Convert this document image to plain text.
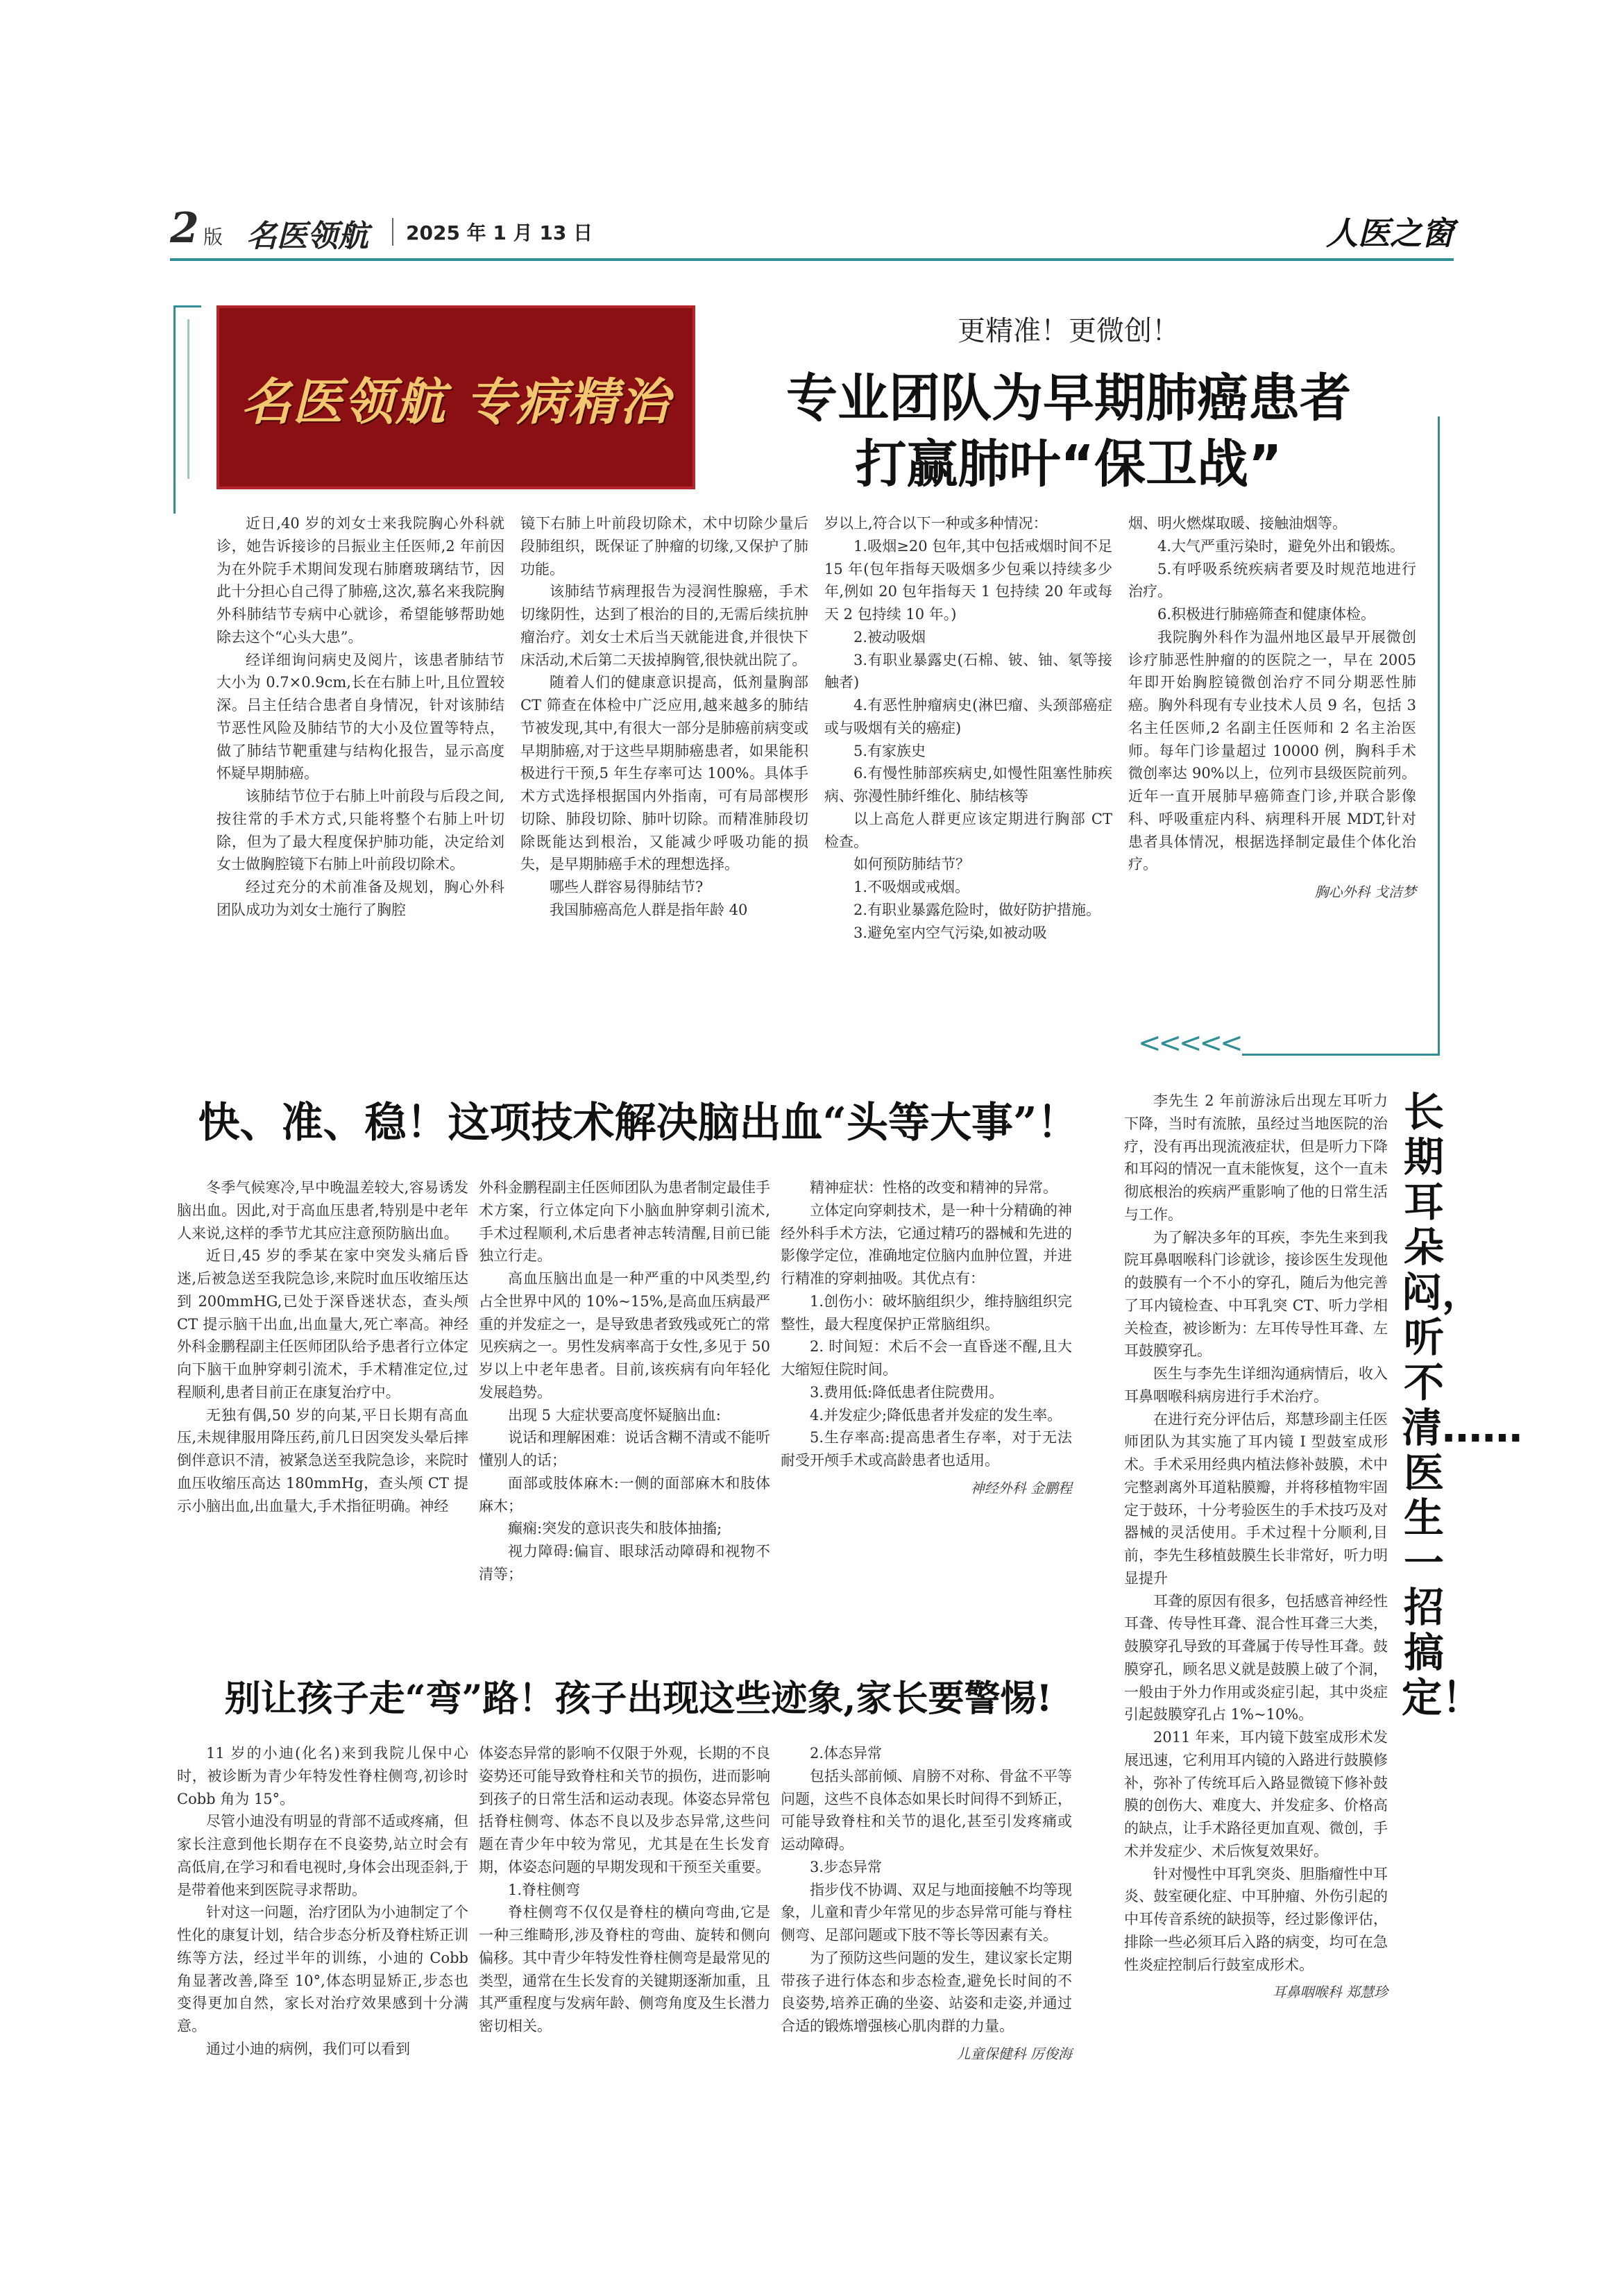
2 版 名医领航 2025 年 1 月 13 日	人医之窗
名医领航 专病精治
更精准！更微创！
专业团队为早期肺癌患者
打赢肺叶“保卫战”

近日,40 岁的刘女士来我院胸心外科就诊，她告诉接诊的吕振业主任医师,2 年前因为在外院手术期间发现右肺磨玻璃结节，因此十分担心自己得了肺癌,这次,慕名来我院胸外科肺结节专病中心就诊，希望能够帮助她除去这个“心头大患”。

经详细询问病史及阅片，该患者肺结节大小为 0.7×0.9cm,长在右肺上叶,且位置较深。吕主任结合患者自身情况，针对该肺结节恶性风险及肺结节的大小及位置等特点，做了肺结节靶重建与结构化报告，显示高度怀疑早期肺癌。

该肺结节位于右肺上叶前段与后段之间,按往常的手术方式,只能将整个右肺上叶切除，但为了最大程度保护肺功能，决定给刘女士做胸腔镜下右肺上叶前段切除术。

经过充分的术前准备及规划，胸心外科团队成功为刘女士施行了胸腔

镜下右肺上叶前段切除术，术中切除少量后段肺组织，既保证了肿瘤的切缘,又保护了肺功能。

该肺结节病理报告为浸润性腺癌，手术切缘阴性，达到了根治的目的,无需后续抗肿瘤治疗。刘女士术后当天就能进食,并很快下床活动,术后第二天拔掉胸管,很快就出院了。

随着人们的健康意识提高，低剂量胸部 CT 筛查在体检中广泛应用,越来越多的肺结节被发现,其中,有很大一部分是肺癌前病变或早期肺癌,对于这些早期肺癌患者，如果能积极进行干预,5 年生存率可达 100%。具体手术方式选择根据国内外指南，可有局部楔形切除、肺段切除、肺叶切除。而精准肺段切除既能达到根治，又能减少呼吸功能的损失，是早期肺癌手术的理想选择。

哪些人群容易得肺结节?

我国肺癌高危人群是指年龄 40

岁以上,符合以下一种或多种情况：

1.吸烟≥20 包年,其中包括戒烟时间不足 15 年(包年指每天吸烟多少包乘以持续多少年,例如 20 包年指每天 1 包持续 20 年或每天 2 包持续 10 年。)

2.被动吸烟

3.有职业暴露史(石棉、铍、铀、氡等接触者)

4.有恶性肿瘤病史(淋巴瘤、头颈部癌症或与吸烟有关的癌症)

5.有家族史

6.有慢性肺部疾病史,如慢性阻塞性肺疾病、弥漫性肺纤维化、肺结核等

以上高危人群更应该定期进行胸部 CT 检查。

如何预防肺结节？

1.不吸烟或戒烟。

2.有职业暴露危险时，做好防护措施。

3.避免室内空气污染,如被动吸

烟、明火燃煤取暖、接触油烟等。

4.大气严重污染时，避免外出和锻炼。

5.有呼吸系统疾病者要及时规范地进行治疗。

6.积极进行肺癌筛查和健康体检。

我院胸外科作为温州地区最早开展微创诊疗肺恶性肿瘤的的医院之一，早在 2005 年即开始胸腔镜微创治疗不同分期恶性肺癌。胸外科现有专业技术人员 9 名，包括 3 名主任医师,2 名副主任医师和 2 名主治医师。每年门诊量超过 10000 例，胸科手术微创率达 90%以上，位列市县级医院前列。近年一直开展肺早癌筛查门诊,并联合影像科、呼吸重症内科、病理科开展 MDT,针对患者具体情况，根据选择制定最佳个体化治疗。

胸心外科 戈洁梦
<<<<<
快、准、稳！这项技术解决脑出血“头等大事”！

冬季气候寒冷,早中晚温差较大,容易诱发脑出血。因此,对于高血压患者,特别是中老年人来说,这样的季节尤其应注意预防脑出血。

近日,45 岁的季某在家中突发头痛后昏迷,后被急送至我院急诊,来院时血压收缩压达到 200mmHG,已处于深昏迷状态，查头颅 CT 提示脑干出血,出血量大,死亡率高。神经外科金鹏程副主任医师团队给予患者行立体定向下脑干血肿穿刺引流术，手术精准定位,过程顺利,患者目前正在康复治疗中。

无独有偶,50 岁的向某,平日长期有高血压,未规律服用降压药,前几日因突发头晕后摔倒伴意识不清，被紧急送至我院急诊，来院时血压收缩压高达 180mmHg，查头颅 CT 提示小脑出血,出血量大,手术指征明确。神经

外科金鹏程副主任医师团队为患者制定最佳手术方案，行立体定向下小脑血肿穿刺引流术,手术过程顺利,术后患者神志转清醒,目前已能独立行走。

高血压脑出血是一种严重的中风类型,约占全世界中风的 10%~15%,是高血压病最严重的并发症之一，是导致患者致残或死亡的常见疾病之一。男性发病率高于女性,多见于 50 岁以上中老年患者。目前,该疾病有向年轻化发展趋势。

出现 5 大症状要高度怀疑脑出血:

说话和理解困难：说话含糊不清或不能听懂别人的话；

面部或肢体麻木:一侧的面部麻木和肢体麻木；

癫痫:突发的意识丧失和肢体抽搐;

视力障碍:偏盲、眼球活动障碍和视物不清等；

精神症状：性格的改变和精神的异常。

立体定向穿刺技术，是一种十分精确的神经外科手术方法，它通过精巧的器械和先进的影像学定位，准确地定位脑内血肿位置，并进行精准的穿刺抽吸。其优点有：

1.创伤小：破坏脑组织少，维持脑组织完整性，最大程度保护正常脑组织。

2. 时间短：术后不会一直昏迷不醒,且大大缩短住院时间。

3.费用低:降低患者住院费用。

4.并发症少;降低患者并发症的发生率。

5.生存率高:提高患者生存率，对于无法耐受开颅手术或高龄患者也适用。

神经外科 金鹏程
别让孩子走“弯”路！孩子出现这些迹象,家长要警惕!

11 岁的小迪(化名)来到我院儿保中心时，被诊断为青少年特发性脊柱侧弯,初诊时 Cobb 角为 15°。

尽管小迪没有明显的背部不适或疼痛，但家长注意到他长期存在不良姿势,站立时会有高低肩,在学习和看电视时,身体会出现歪斜,于是带着他来到医院寻求帮助。

针对这一问题，治疗团队为小迪制定了个性化的康复计划，结合步态分析及脊柱矫正训练等方法，经过半年的训练，小迪的 Cobb 角显著改善,降至 10°,体态明显矫正,步态也变得更加自然，家长对治疗效果感到十分满意。

通过小迪的病例，我们可以看到

体姿态异常的影响不仅限于外观，长期的不良姿势还可能导致脊柱和关节的损伤，进而影响到孩子的日常生活和运动表现。体姿态异常包括脊柱侧弯、体态不良以及步态异常,这些问题在青少年中较为常见，尤其是在生长发育期，体姿态问题的早期发现和干预至关重要。

1.脊柱侧弯

脊柱侧弯不仅仅是脊柱的横向弯曲,它是一种三维畸形,涉及脊柱的弯曲、旋转和侧向偏移。其中青少年特发性脊柱侧弯是最常见的类型，通常在生长发育的关键期逐渐加重，且其严重程度与发病年龄、侧弯角度及生长潜力密切相关。

2.体态异常

包括头部前倾、肩膀不对称、骨盆不平等问题，这些不良体态如果长时间得不到矫正，可能导致脊柱和关节的退化,甚至引发疼痛或运动障碍。

3.步态异常

指步伐不协调、双足与地面接触不均等现象，儿童和青少年常见的步态异常可能与脊柱侧弯、足部问题或下肢不等长等因素有关。

为了预防这些问题的发生，建议家长定期带孩子进行体态和步态检查,避免长时间的不良姿势,培养正确的坐姿、站姿和走姿,并通过合适的锻炼增强核心肌肉群的力量。

儿童保健科 厉俊海

李先生 2 年前游泳后出现左耳听力下降，当时有流脓，虽经过当地医院的治疗，没有再出现流液症状，但是听力下降和耳闷的情况一直未能恢复，这个一直未彻底根治的疾病严重影响了他的日常生活与工作。

为了解决多年的耳疾，李先生来到我院耳鼻咽喉科门诊就诊，接诊医生发现他的鼓膜有一个不小的穿孔，随后为他完善了耳内镜检查、中耳乳突 CT、听力学相关检查，被诊断为：左耳传导性耳聋、左耳鼓膜穿孔。

医生与李先生详细沟通病情后，收入耳鼻咽喉科病房进行手术治疗。

在进行充分评估后，郑慧珍副主任医师团队为其实施了耳内镜 I 型鼓室成形术。手术采用经典内植法修补鼓膜，术中完整剥离外耳道粘膜瓣，并将移植物牢固定于鼓环，十分考验医生的手术技巧及对器械的灵活使用。手术过程十分顺利,目前，李先生移植鼓膜生长非常好，听力明显提升

耳聋的原因有很多，包括感音神经性耳聋、传导性耳聋、混合性耳聋三大类，鼓膜穿孔导致的耳聋属于传导性耳聋。鼓膜穿孔，顾名思义就是鼓膜上破了个洞，一般由于外力作用或炎症引起，其中炎症引起鼓膜穿孔占 1%~10%。

2011 年来，耳内镜下鼓室成形术发展迅速，它利用耳内镜的入路进行鼓膜修补，弥补了传统耳后入路显微镜下修补鼓膜的创伤大、难度大、并发症多、价格高的缺点，让手术路径更加直观、微创，手术并发症少、术后恢复效果好。

针对慢性中耳乳突炎、胆脂瘤性中耳炎、鼓室硬化症、中耳肿瘤、外伤引起的中耳传音系统的缺损等，经过影像评估，排除一些必须耳后入路的病变，均可在急性炎症控制后行鼓室成形术。

耳鼻咽喉科 郑慧珍
长期耳朵闷，听不清……医生一招搞定！
